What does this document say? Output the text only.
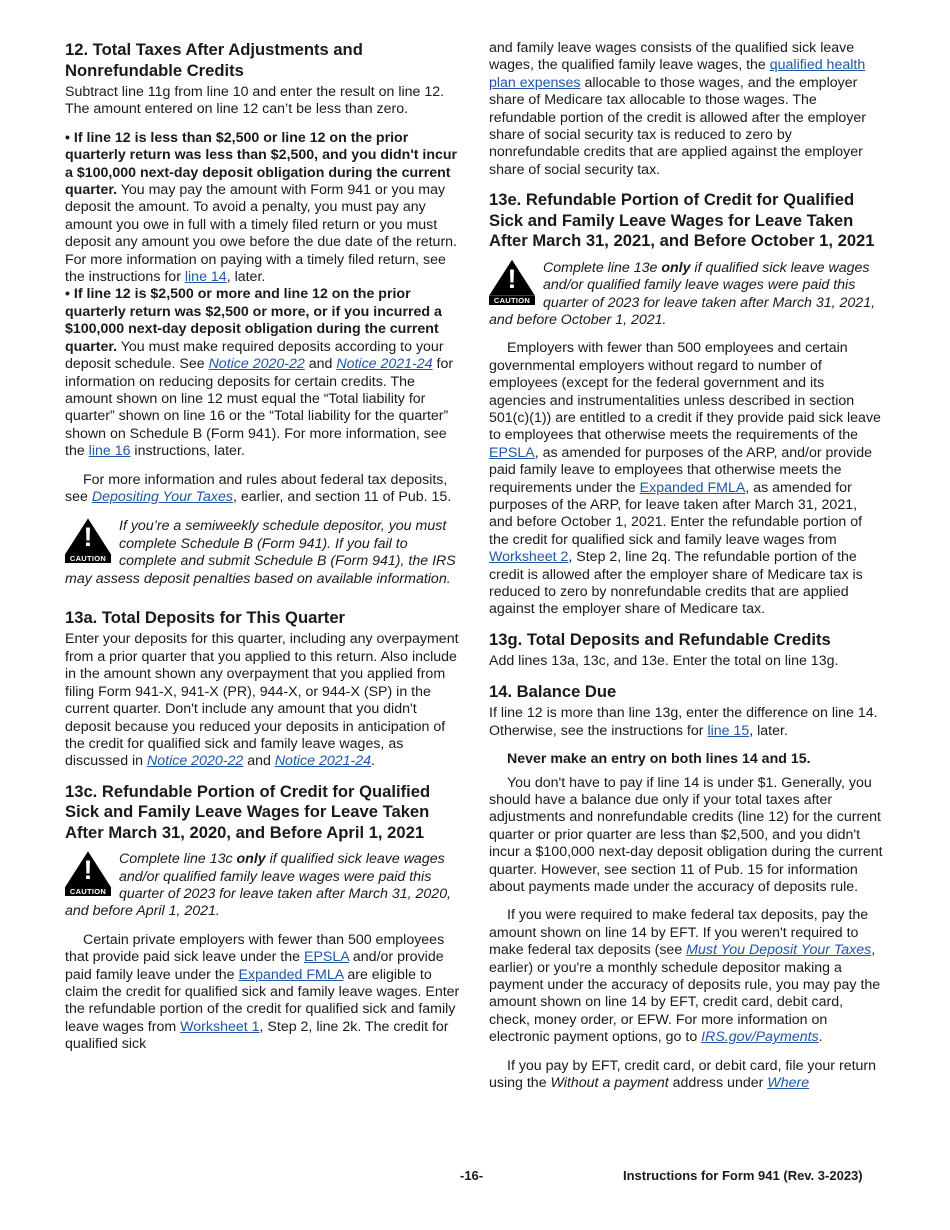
12. Total Taxes After Adjustments and Nonrefundable Credits

Subtract line 11g from line 10 and enter the result on line 12. The amount entered on line 12 can’t be less than zero.

• If line 12 is less than $2,500 or line 12 on the prior quarterly return was less than $2,500, and you didn't incur a $100,000 next-day deposit obligation during the current quarter. You may pay the amount with Form 941 or you may deposit the amount. To avoid a penalty, you must pay any amount you owe in full with a timely filed return or you must deposit any amount you owe before the due date of the return. For more information on paying with a timely filed return, see the instructions for line 14, later.

• If line 12 is $2,500 or more and line 12 on the prior quarterly return was $2,500 or more, or if you incurred a $100,000 next-day deposit obligation during the current quarter. You must make required deposits according to your deposit schedule. See Notice 2020-22 and Notice 2021-24 for information on reducing deposits for certain credits. The amount shown on line 12 must equal the “Total liability for quarter” shown on line 16 or the “Total liability for the quarter” shown on Schedule B (Form 941). For more information, see the line 16 instructions, later.

For more information and rules about federal tax deposits, see Depositing Your Taxes, earlier, and section 11 of Pub. 15.

!
CAUTION
If you’re a semiweekly schedule depositor, you must complete Schedule B (Form 941). If you fail to complete and submit Schedule B (Form 941), the IRS may assess deposit penalties based on available information.
13a. Total Deposits for This Quarter

Enter your deposits for this quarter, including any overpayment from a prior quarter that you applied to this return. Also include in the amount shown any overpayment that you applied from filing Form 941-X, 941-X (PR), 944-X, or 944-X (SP) in the current quarter. Don't include any amount that you didn't deposit because you reduced your deposits in anticipation of the credit for qualified sick and family leave wages, as discussed in Notice 2020-22 and Notice 2021-24.

13c. Refundable Portion of Credit for Qualified Sick and Family Leave Wages for Leave Taken After March 31, 2020, and Before April 1, 2021
!
CAUTION
Complete line 13c only if qualified sick leave wages and/or qualified family leave wages were paid this quarter of 2023 for leave taken after March 31, 2020, and before April 1, 2021.

Certain private employers with fewer than 500 employees that provide paid sick leave under the EPSLA and/or provide paid family leave under the Expanded FMLA are eligible to claim the credit for qualified sick and family leave wages. Enter the refundable portion of the credit for qualified sick and family leave wages from Worksheet 1, Step 2, line 2k. The credit for qualified sick

and family leave wages consists of the qualified sick leave wages, the qualified family leave wages, the qualified health plan expenses allocable to those wages, and the employer share of Medicare tax allocable to those wages. The refundable portion of the credit is allowed after the employer share of social security tax is reduced to zero by nonrefundable credits that are applied against the employer share of social security tax.

13e. Refundable Portion of Credit for Qualified Sick and Family Leave Wages for Leave Taken After March 31, 2021, and Before October 1, 2021
!
CAUTION
Complete line 13e only if qualified sick leave wages and/or qualified family leave wages were paid this quarter of 2023 for leave taken after March 31, 2021, and before October 1, 2021.

Employers with fewer than 500 employees and certain governmental employers without regard to number of employees (except for the federal government and its agencies and instrumentalities unless described in section 501(c)(1)) are entitled to a credit if they provide paid sick leave to employees that otherwise meets the requirements of the EPSLA, as amended for purposes of the ARP, and/or provide paid family leave to employees that otherwise meets the requirements under the Expanded FMLA, as amended for purposes of the ARP, for leave taken after March 31, 2021, and before October 1, 2021. Enter the refundable portion of the credit for qualified sick and family leave wages from Worksheet 2, Step 2, line 2q. The refundable portion of the credit is allowed after the employer share of Medicare tax is reduced to zero by nonrefundable credits that are applied against the employer share of Medicare tax.

13g. Total Deposits and Refundable Credits

Add lines 13a, 13c, and 13e. Enter the total on line 13g.

14. Balance Due

If line 12 is more than line 13g, enter the difference on line 14. Otherwise, see the instructions for line 15, later.

Never make an entry on both lines 14 and 15.

You don't have to pay if line 14 is under $1. Generally, you should have a balance due only if your total taxes after adjustments and nonrefundable credits (line 12) for the current quarter or prior quarter are less than $2,500, and you didn't incur a $100,000 next-day deposit obligation during the current quarter. However, see section 11 of Pub. 15 for information about payments made under the accuracy of deposits rule.

If you were required to make federal tax deposits, pay the amount shown on line 14 by EFT. If you weren't required to make federal tax deposits (see Must You Deposit Your Taxes, earlier) or you're a monthly schedule depositor making a payment under the accuracy of deposits rule, you may pay the amount shown on line 14 by EFT, credit card, debit card, check, money order, or EFW. For more information on electronic payment options, go to IRS.gov/Payments.

If you pay by EFT, credit card, or debit card, file your return using the Without a payment address under Where

-16-	Instructions for Form 941 (Rev. 3-2023)
